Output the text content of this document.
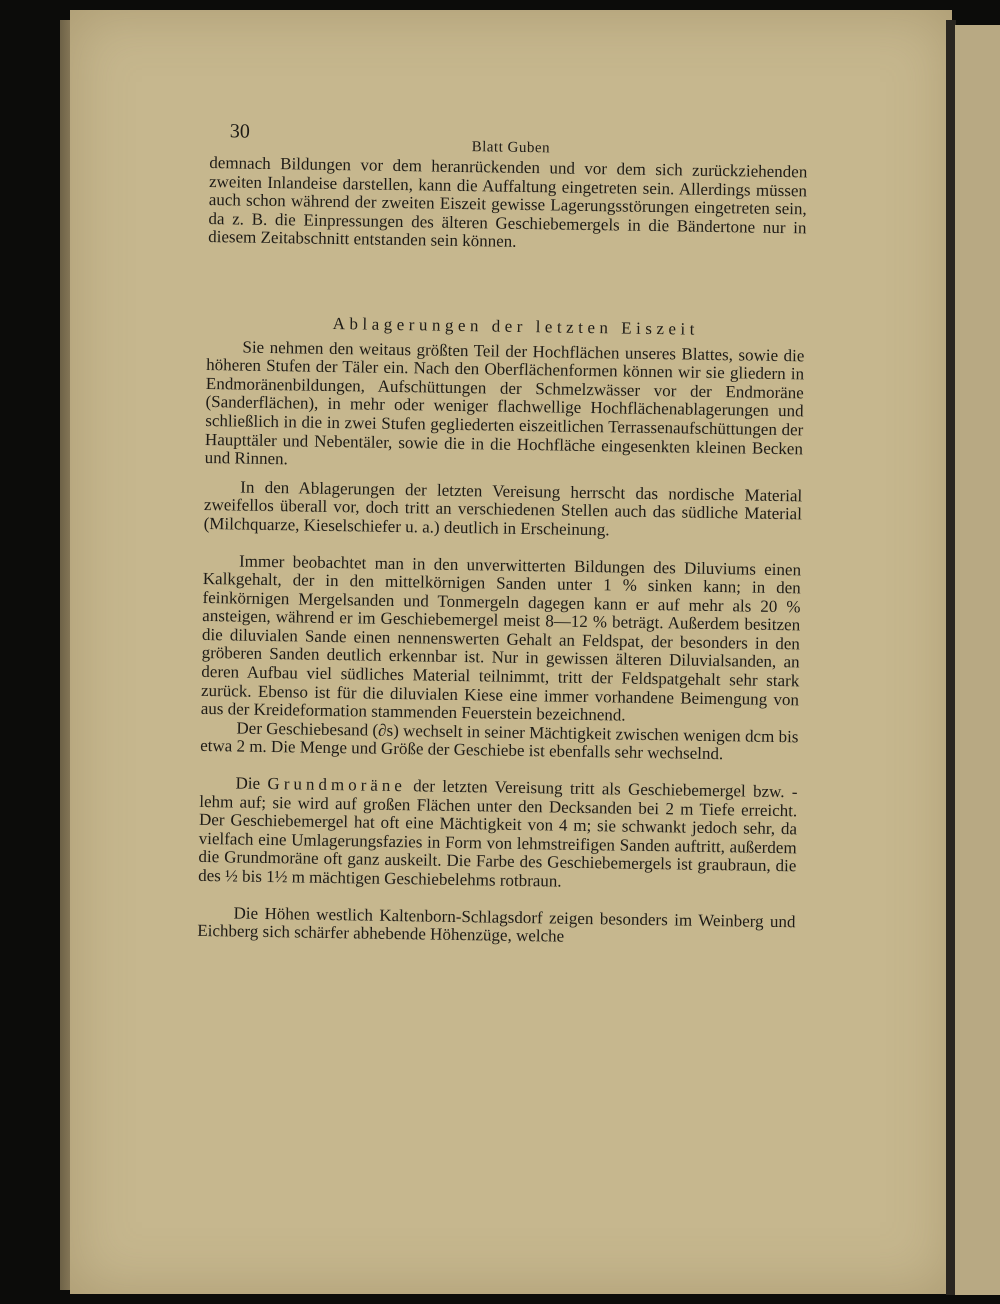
30
Blatt Guben

demnach Bildungen vor dem heranrückenden und vor dem sich zurückziehenden zweiten Inlandeise darstellen, kann die Auffaltung eingetreten sein. Allerdings müssen auch schon während der zweiten Eiszeit gewisse Lagerungsstörungen eingetreten sein, da z. B. die Einpressungen des älteren Geschiebemergels in die Bändertone nur in diesem Zeitabschnitt entstanden sein können.

Ablagerungen der letzten Eiszeit

Sie nehmen den weitaus größten Teil der Hochflächen unseres Blattes, sowie die höheren Stufen der Täler ein. Nach den Oberflächenformen können wir sie gliedern in Endmoränenbildungen, Aufschüttungen der Schmelzwässer vor der Endmoräne (Sanderflächen), in mehr oder weniger flachwellige Hochflächenablagerungen und schließlich in die in zwei Stufen gegliederten eiszeitlichen Terrassenaufschüttungen der Haupttäler und Nebentäler, sowie die in die Hochfläche eingesenkten kleinen Becken und Rinnen.

In den Ablagerungen der letzten Vereisung herrscht das nordische Material zweifellos überall vor, doch tritt an verschiedenen Stellen auch das südliche Material (Milchquarze, Kieselschiefer u. a.) deutlich in Erscheinung.

Immer beobachtet man in den unverwitterten Bildungen des Diluviums einen Kalkgehalt, der in den mittelkörnigen Sanden unter 1 % sinken kann; in den feinkörnigen Mergelsanden und Tonmergeln dagegen kann er auf mehr als 20 % ansteigen, während er im Geschiebemergel meist 8—12 % beträgt. Außerdem besitzen die diluvialen Sande einen nennenswerten Gehalt an Feldspat, der besonders in den gröberen Sanden deutlich erkennbar ist. Nur in gewissen älteren Diluvialsanden, an deren Aufbau viel südliches Material teilnimmt, tritt der Feldspatgehalt sehr stark zurück. Ebenso ist für die diluvialen Kiese eine immer vorhandene Beimengung von aus der Kreideformation stammenden Feuerstein bezeichnend.

Der Geschiebesand (∂s) wechselt in seiner Mächtigkeit zwischen wenigen dcm bis etwa 2 m. Die Menge und Größe der Geschiebe ist ebenfalls sehr wechselnd.

Die Grundmoräne der letzten Vereisung tritt als Geschiebemergel bzw. -lehm auf; sie wird auf großen Flächen unter den Decksanden bei 2 m Tiefe erreicht. Der Geschiebemergel hat oft eine Mächtigkeit von 4 m; sie schwankt jedoch sehr, da vielfach eine Umlagerungsfazies in Form von lehmstreifigen Sanden auftritt, außerdem die Grundmoräne oft ganz auskeilt. Die Farbe des Geschiebemergels ist graubraun, die des ½ bis 1½ m mächtigen Geschiebelehms rotbraun.

Die Höhen westlich Kaltenborn-Schlagsdorf zeigen besonders im Weinberg und Eichberg sich schärfer abhebende Höhenzüge, welche
